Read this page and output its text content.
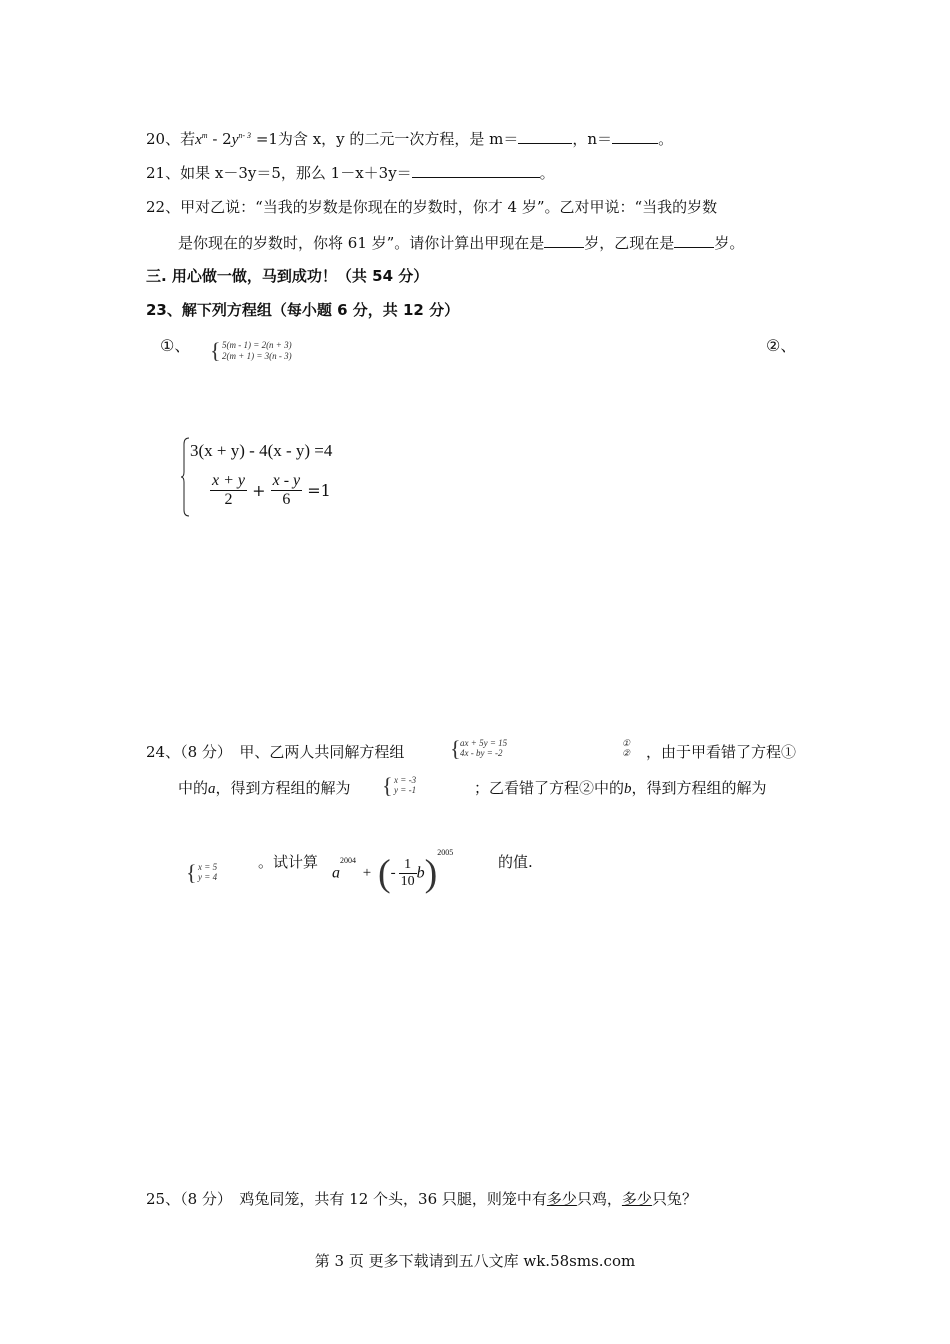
20、若$x^m - 2y^{n- 3} =1$为含 x，y 的二元一次方程，是 m＝	，n＝	。
21、如果 x－3y＝5，那么 1－x＋3y＝	。
22、甲对乙说：“当我的岁数是你现在的岁数时，你才 4 岁”。乙对甲说：“当我的岁数
是你现在的岁数时，你将 61 岁”。请你计算出甲现在是	岁，乙现在是	岁。
三. 用心做一做，马到成功！（共 54 分）
23、解下列方程组（每小题 6 分，共 12 分）
①、 { 5(m - 1) = 2(n + 3)
2(m + 1) = 3(n - 3)
②、
3(x + y) - 4(x - y) =4
$\frac{x + y}{2} + \frac{x - y}{6} =1$
24、（8 分）　甲、乙两人共同解方程组 { ax + 5y = 15
4x - by = -2
①
② ，由于甲看错了方程①
中的a，得到方程组的解为 { x = -3
y = -1	；乙看错了方程②中的b，得到方程组的解为
{ x = 5
y = 4
。试计算
$a^{2004}$ + (- $\frac{1}{10} b)^{2005}$
的值.
25、（8 分）　鸡兔同笼，共有 12 个头，36 只腿，则笼中有多少只鸡，多少只兔？
第 3 页 更多下载请到五八文库 wk.58sms.com
